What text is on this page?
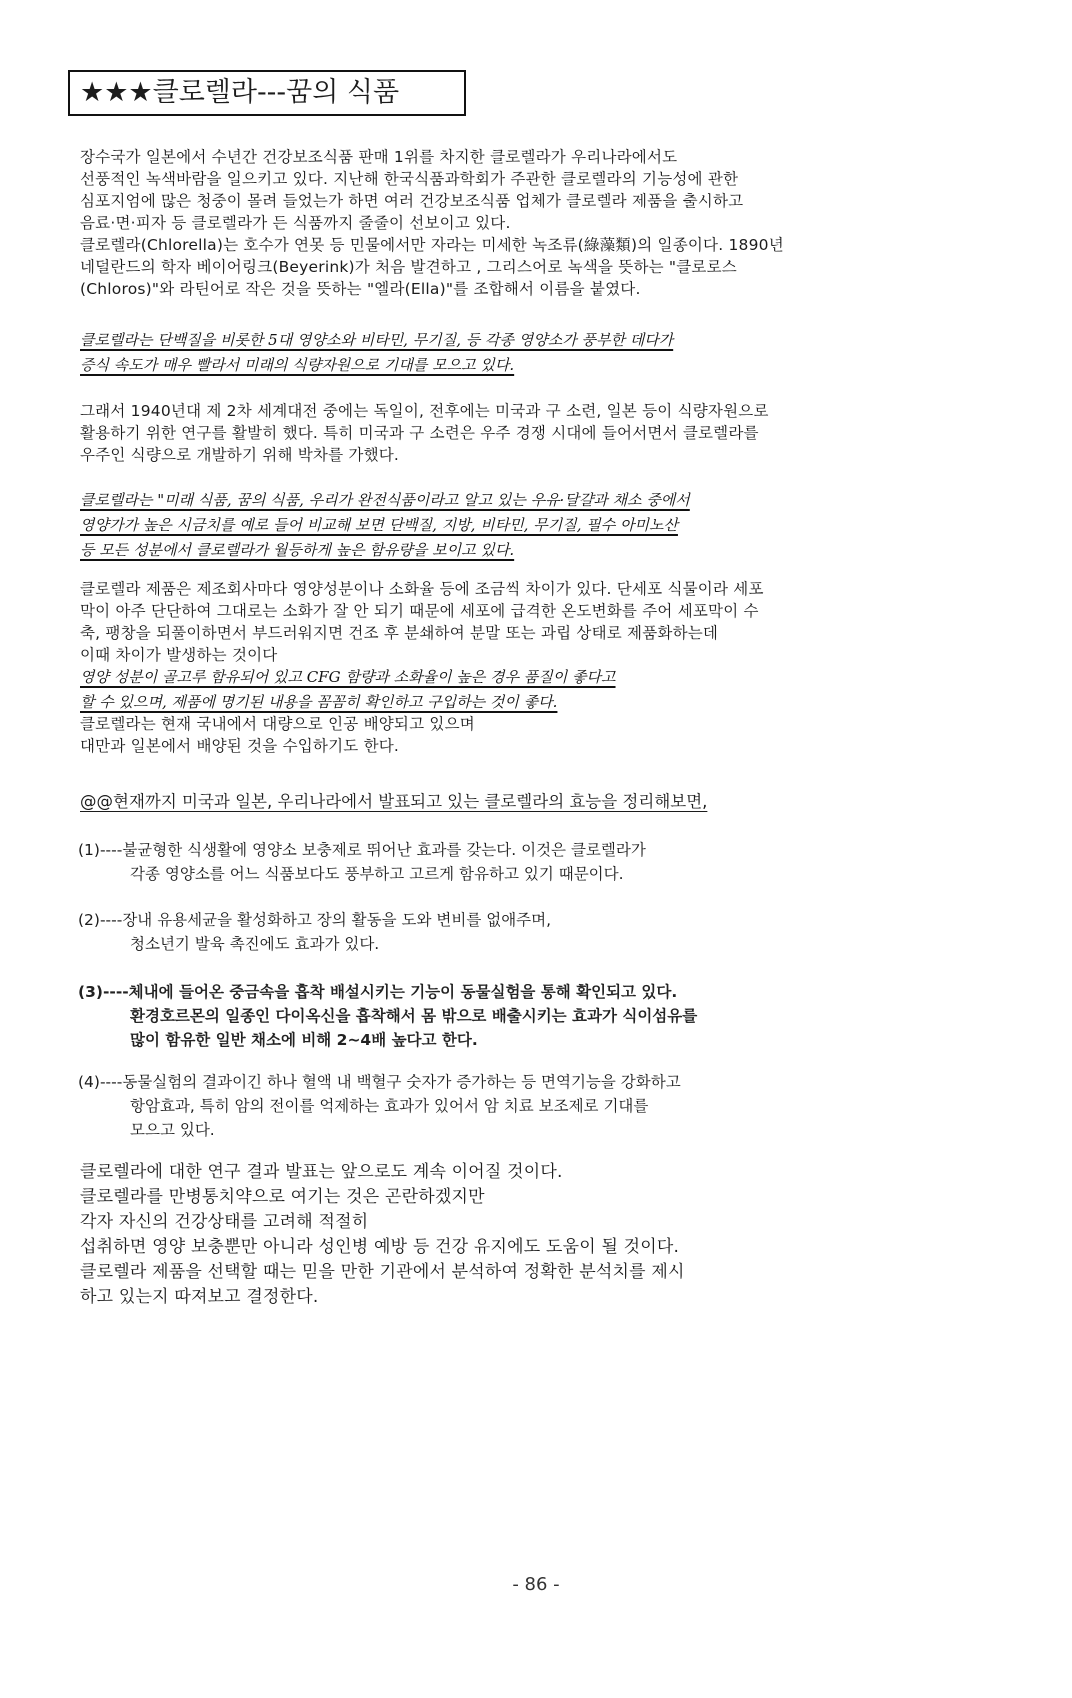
★★★클로렐라---꿈의 식품
장수국가 일본에서 수년간 건강보조식품 판매 1위를 차지한 클로렐라가 우리나라에서도
선풍적인 녹색바람을 일으키고 있다. 지난해 한국식품과학회가 주관한 클로렐라의 기능성에 관한
심포지엄에 많은 청중이 몰려 들었는가 하면 여러 건강보조식품 업체가 클로렐라 제품을 출시하고
음료·면·피자 등 클로렐라가 든 식품까지 줄줄이 선보이고 있다.
클로렐라(Chlorella)는 호수가 연못 등 민물에서만 자라는 미세한 녹조류(綠藻類)의 일종이다. 1890년
네덜란드의 학자 베이어링크(Beyerink)가 처음 발견하고 , 그리스어로 녹색을 뜻하는 "클로로스
(Chloros)"와 라틴어로 작은 것을 뜻하는 "엘라(Ella)"를 조합해서 이름을 붙였다.
클로렐라는 단백질을 비롯한 5대 영양소와 비타민, 무기질, 등 각종 영양소가 풍부한 데다가
증식 속도가 매우 빨라서 미래의 식량자원으로 기대를 모으고 있다.
그래서 1940년대 제 2차 세계대전 중에는 독일이, 전후에는 미국과 구 소련, 일본 등이 식량자원으로
활용하기 위한 연구를 활발히 했다. 특히 미국과 구 소련은 우주 경쟁 시대에 들어서면서 클로렐라를
우주인 식량으로 개발하기 위해 박차를 가했다.
클로렐라는 "미래 식품, 꿈의 식품, 우리가 완전식품이라고 알고 있는 우유·달걀과 채소 중에서
영양가가 높은 시금치를 예로 들어 비교해 보면 단백질, 지방, 비타민, 무기질, 필수 아미노산
등 모든 성분에서 클로렐라가 월등하게 높은 함유량을 보이고 있다.
클로렐라 제품은 제조회사마다 영양성분이나 소화율 등에 조금씩 차이가 있다. 단세포 식물이라 세포
막이 아주 단단하여 그대로는 소화가 잘 안 되기 때문에 세포에 급격한 온도변화를 주어 세포막이 수
축, 팽창을 되풀이하면서 부드러워지면 건조 후 분쇄하여 분말 또는 과립 상태로 제품화하는데
이때 차이가 발생하는 것이다
영양 성분이 골고루 함유되어 있고 CFG 함량과 소화율이 높은 경우 품질이 좋다고
할 수 있으며, 제품에 명기된 내용을 꼼꼼히 확인하고 구입하는 것이 좋다.
클로렐라는 현재 국내에서 대량으로 인공 배양되고 있으며
대만과 일본에서 배양된 것을 수입하기도 한다.
@@현재까지 미국과 일본, 우리나라에서 발표되고 있는 클로렐라의 효능을 정리해보면,
(1)----불균형한 식생활에 영양소 보충제로 뛰어난 효과를 갖는다. 이것은 클로렐라가
각종 영양소를 어느 식품보다도 풍부하고 고르게 함유하고 있기 때문이다.
(2)----장내 유용세균을 활성화하고 장의 활동을 도와 변비를 없애주며,
청소년기 발육 촉진에도 효과가 있다.
(3)----체내에 들어온 중금속을 흡착 배설시키는 기능이 동물실험을 통해 확인되고 있다.
환경호르몬의 일종인 다이옥신을 흡착해서 몸 밖으로 배출시키는 효과가 식이섬유를
많이 함유한 일반 채소에 비해 2~4배 높다고 한다.
(4)----동물실험의 결과이긴 하나 혈액 내 백혈구 숫자가 증가하는 등 면역기능을 강화하고
항암효과, 특히 암의 전이를 억제하는 효과가 있어서 암 치료 보조제로 기대를
모으고 있다.
클로렐라에 대한 연구 결과 발표는 앞으로도 계속 이어질 것이다.
클로렐라를 만병통치약으로 여기는 것은 곤란하겠지만
각자 자신의 건강상태를 고려해 적절히
섭취하면 영양 보충뿐만 아니라 성인병 예방 등 건강 유지에도 도움이 될 것이다.
클로렐라 제품을 선택할 때는 믿을 만한 기관에서 분석하여 정확한 분석치를 제시
하고 있는지 따져보고 결정한다.
- 86 -
